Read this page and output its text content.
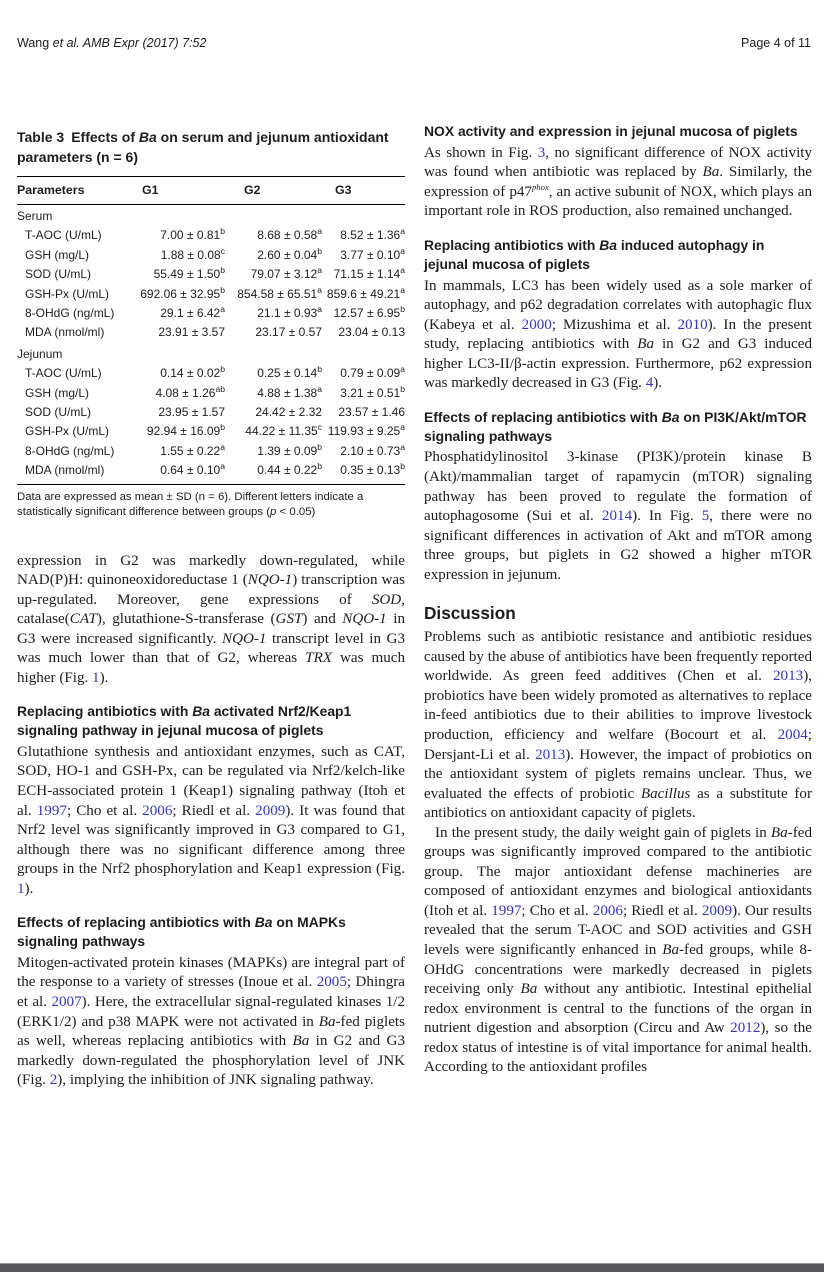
Wang et al. AMB Expr (2017) 7:52	Page 4 of 11
Table 3 Effects of Ba on serum and jejunum antioxidant parameters (n = 6)
Parameters	G1	G2	G3
Serum			
T-AOC (U/mL)	7.00 ± 0.81$^b$	8.68 ± 0.58$^a$	8.52 ± 1.36$^a$
GSH (mg/L)	1.88 ± 0.08$^c$	2.60 ± 0.04$^b$	3.77 ± 0.10$^a$
SOD (U/mL)	55.49 ± 1.50$^b$	79.07 ± 3.12$^a$	71.15 ± 1.14$^a$
GSH-Px (U/mL)	692.06 ± 32.95$^b$	854.58 ± 65.51$^a$	859.6 ± 49.21$^a$
8-OHdG (ng/mL)	29.1 ± 6.42$^a$	21.1 ± 0.93$^a$	12.57 ± 6.95$^b$
MDA (nmol/ml)	23.91 ± 3.57	23.17 ± 0.57	23.04 ± 0.13
Jejunum			
T-AOC (U/mL)	0.14 ± 0.02$^b$	0.25 ± 0.14$^b$	0.79 ± 0.09$^a$
GSH (mg/L)	4.08 ± 1.26$^{ab}$	4.88 ± 1.38$^a$	3.21 ± 0.51$^b$
SOD (U/mL)	23.95 ± 1.57	24.42 ± 2.32	23.57 ± 1.46
GSH-Px (U/mL)	92.94 ± 16.09$^b$	44.22 ± 11.35$^c$	119.93 ± 9.25$^a$
8-OHdG (ng/mL)	1.55 ± 0.22$^a$	1.39 ± 0.09$^b$	2.10 ± 0.73$^a$
MDA (nmol/ml)	0.64 ± 0.10$^a$	0.44 ± 0.22$^b$	0.35 ± 0.13$^b$
Data are expressed as mean ± SD (n = 6). Different letters indicate a statistically significant difference between groups (p < 0.05)

expression in G2 was markedly down-regulated, while NAD(P)H: quinoneoxidoreductase 1 (NQO-1) transcription was up-regulated. Moreover, gene expressions of SOD, catalase(CAT), glutathione-S-transferase (GST) and NQO-1 in G3 were increased significantly. NQO-1 transcript level in G3 was much lower than that of G2, whereas TRX was much higher (Fig. 1).

Replacing antibiotics with Ba activated Nrf2/Keap1 signaling pathway in jejunal mucosa of piglets

Glutathione synthesis and antioxidant enzymes, such as CAT, SOD, HO-1 and GSH-Px, can be regulated via Nrf2/kelch-like ECH-associated protein 1 (Keap1) signaling pathway (Itoh et al. 1997; Cho et al. 2006; Riedl et al. 2009). It was found that Nrf2 level was significantly improved in G3 compared to G1, although there was no significant difference among three groups in the Nrf2 phosphorylation and Keap1 expression (Fig. 1).

Effects of replacing antibiotics with Ba on MAPKs signaling pathways

Mitogen-activated protein kinases (MAPKs) are integral part of the response to a variety of stresses (Inoue et al. 2005; Dhingra et al. 2007). Here, the extracellular signal-regulated kinases 1/2 (ERK1/2) and p38 MAPK were not activated in Ba-fed piglets as well, whereas replacing antibiotics with Ba in G2 and G3 markedly down-regulated the phosphorylation level of JNK (Fig. 2), implying the inhibition of JNK signaling pathway.

NOX activity and expression in jejunal mucosa of piglets

As shown in Fig. 3, no significant difference of NOX activity was found when antibiotic was replaced by Ba. Similarly, the expression of $p47^{phox}$, an active subunit of NOX, which plays an important role in ROS production, also remained unchanged.

Replacing antibiotics with Ba induced autophagy in jejunal mucosa of piglets

In mammals, LC3 has been widely used as a sole marker of autophagy, and p62 degradation correlates with autophagic flux (Kabeya et al. 2000; Mizushima et al. 2010). In the present study, replacing antibiotics with Ba in G2 and G3 induced higher LC3-II/β-actin expression. Furthermore, p62 expression was markedly decreased in G3 (Fig. 4).

Effects of replacing antibiotics with Ba on PI3K/Akt/mTOR signaling pathways

Phosphatidylinositol 3-kinase (PI3K)/protein kinase B (Akt)/mammalian target of rapamycin (mTOR) signaling pathway has been proved to regulate the formation of autophagosome (Sui et al. 2014). In Fig. 5, there were no significant differences in activation of Akt and mTOR among three groups, but piglets in G2 showed a higher mTOR expression in jejunum.

Discussion

Problems such as antibiotic resistance and antibiotic residues caused by the abuse of antibiotics have been frequently reported worldwide. As green feed additives (Chen et al. 2013), probiotics have been widely promoted as alternatives to replace in-feed antibiotics due to their abilities to improve livestock production, efficiency and welfare (Bocourt et al. 2004; Dersjant-Li et al. 2013). However, the impact of probiotics on the antioxidant system of piglets remains unclear. Thus, we evaluated the effects of probiotic Bacillus as a substitute for antibiotics on antioxidant capacity of piglets.

In the present study, the daily weight gain of piglets in Ba-fed groups was significantly improved compared to the antibiotic group. The major antioxidant defense machineries are composed of antioxidant enzymes and biological antioxidants (Itoh et al. 1997; Cho et al. 2006; Riedl et al. 2009). Our results revealed that the serum T-AOC and SOD activities and GSH levels were significantly enhanced in Ba-fed groups, while 8-OHdG concentrations were markedly decreased in piglets receiving only Ba without any antibiotic. Intestinal epithelial redox environment is central to the functions of the organ in nutrient digestion and absorption (Circu and Aw 2012), so the redox status of intestine is of vital importance for animal health. According to the antioxidant profiles
